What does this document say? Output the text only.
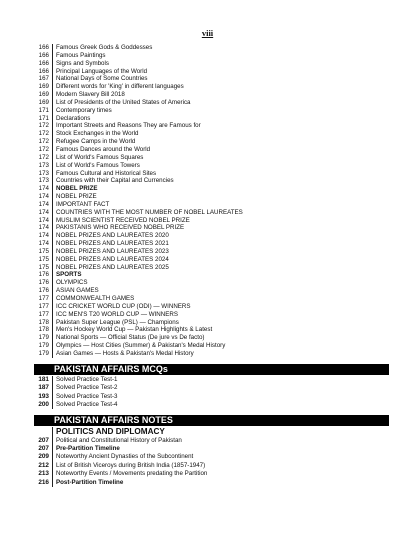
viii
166	Famous Greek Gods & Goddesses
166	Famous Paintings
166	Signs and Symbols
166	Principal Languages of the World
167	National Days of Some Countries
169	Different words for 'King' in different languages
169	Modern Slavery Bill 2018
169	List of Presidents of the United States of America
171	Contemporary times
171	Declarations
172	Important Streets and Reasons They are Famous for
172	Stock Exchanges in the World
172	Refugee Camps in the World
172	Famous Dances around the World
172	List of World's Famous Squares
173	List of World's Famous Towers
173	Famous Cultural and Historical Sites
173	Countries with their Capital and Currencies
174	NOBEL PRIZE
174	NOBEL PRIZE
174	IMPORTANT FACT
174	COUNTRIES WITH THE MOST NUMBER OF NOBEL LAUREATES
174	MUSLIM SCIENTIST RECEIVED NOBEL PRIZE
174	PAKISTANIS WHO RECEIVED NOBEL PRIZE
174	NOBEL PRIZES AND LAUREATES 2020
174	NOBEL PRIZES AND LAUREATES 2021
175	NOBEL PRIZES AND LAUREATES 2023
175	NOBEL PRIZES AND LAUREATES 2024
175	NOBEL PRIZES AND LAUREATES 2025
176	SPORTS
176	OLYMPICS
176	ASIAN GAMES
177	COMMONWEALTH GAMES
177	ICC CRICKET WORLD CUP (ODI) — WINNERS
177	ICC MEN'S T20 WORLD CUP — WINNERS
178	Pakistan Super League (PSL) — Champions
178	Men's Hockey World Cup — Pakistan Highlights & Latest
179	National Sports — Official Status (De jure vs De facto)
179	Olympics — Host Cities (Summer) & Pakistan's Medal History
179	Asian Games — Hosts & Pakistan's Medal History
PAKISTAN AFFAIRS MCQs
181	Solved Practice Test-1
187	Solved Practice Test-2
193	Solved Practice Test-3
200	Solved Practice Test-4
PAKISTAN AFFAIRS NOTES
POLITICS AND DIPLOMACY
207	Political and Constitutional History of Pakistan
207	Pre-Partition Timeline
209	Noteworthy Ancient Dynasties of the Subcontinent
212	List of British Viceroys during British India (1857-1947)
213	Noteworthy Events / Movements predating the Partition
216	Post-Partition Timeline
